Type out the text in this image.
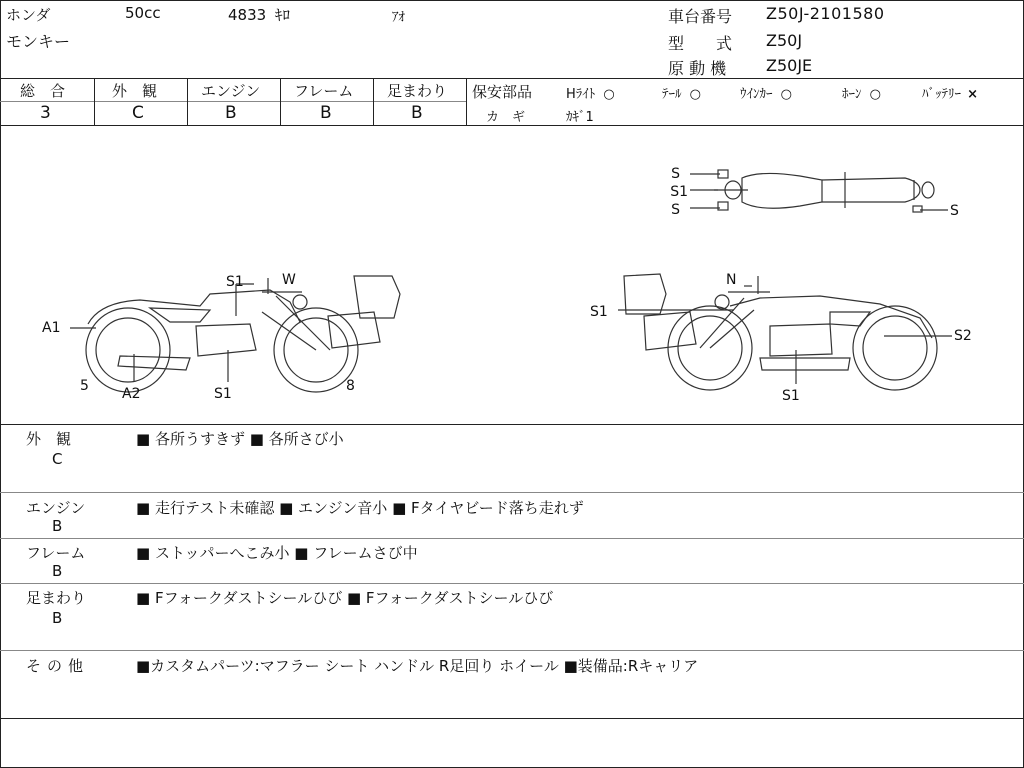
ホンダ	50cc	4833 ｷﾛ	ｱｵ
モンキー
車台番号 Z50J-2101580
型　　式 Z50J
原 動 機 Z50JE
総　合
3
外　観
C
エンジン
B
フレーム
B
足まわり
B
保安部品	Hﾗｲﾄ ○	ﾃｰﾙ ○	ｳｲﾝｶｰ ○	ﾎｰﾝ ○	ﾊﾞｯﾃﾘｰ ×
カ　ギ	ｶｷﾞ1
S
S1
S	S
S1	W
A1
5 A2	S1	8
N
S1
S2
S1
外　観
C
■ 各所うすきず ■ 各所さび小
エンジン
B
■ 走行テスト未確認 ■ エンジン音小 ■ Fタイヤビード落ち走れず
フレーム
B
■ ストッパーへこみ小 ■ フレームさび中
足まわり
B
■ Fフォークダストシールひび ■ Fフォークダストシールひび
その他	■カスタムパーツ:マフラー シート ハンドル R足回り ホイール ■装備品:Rキャリア
